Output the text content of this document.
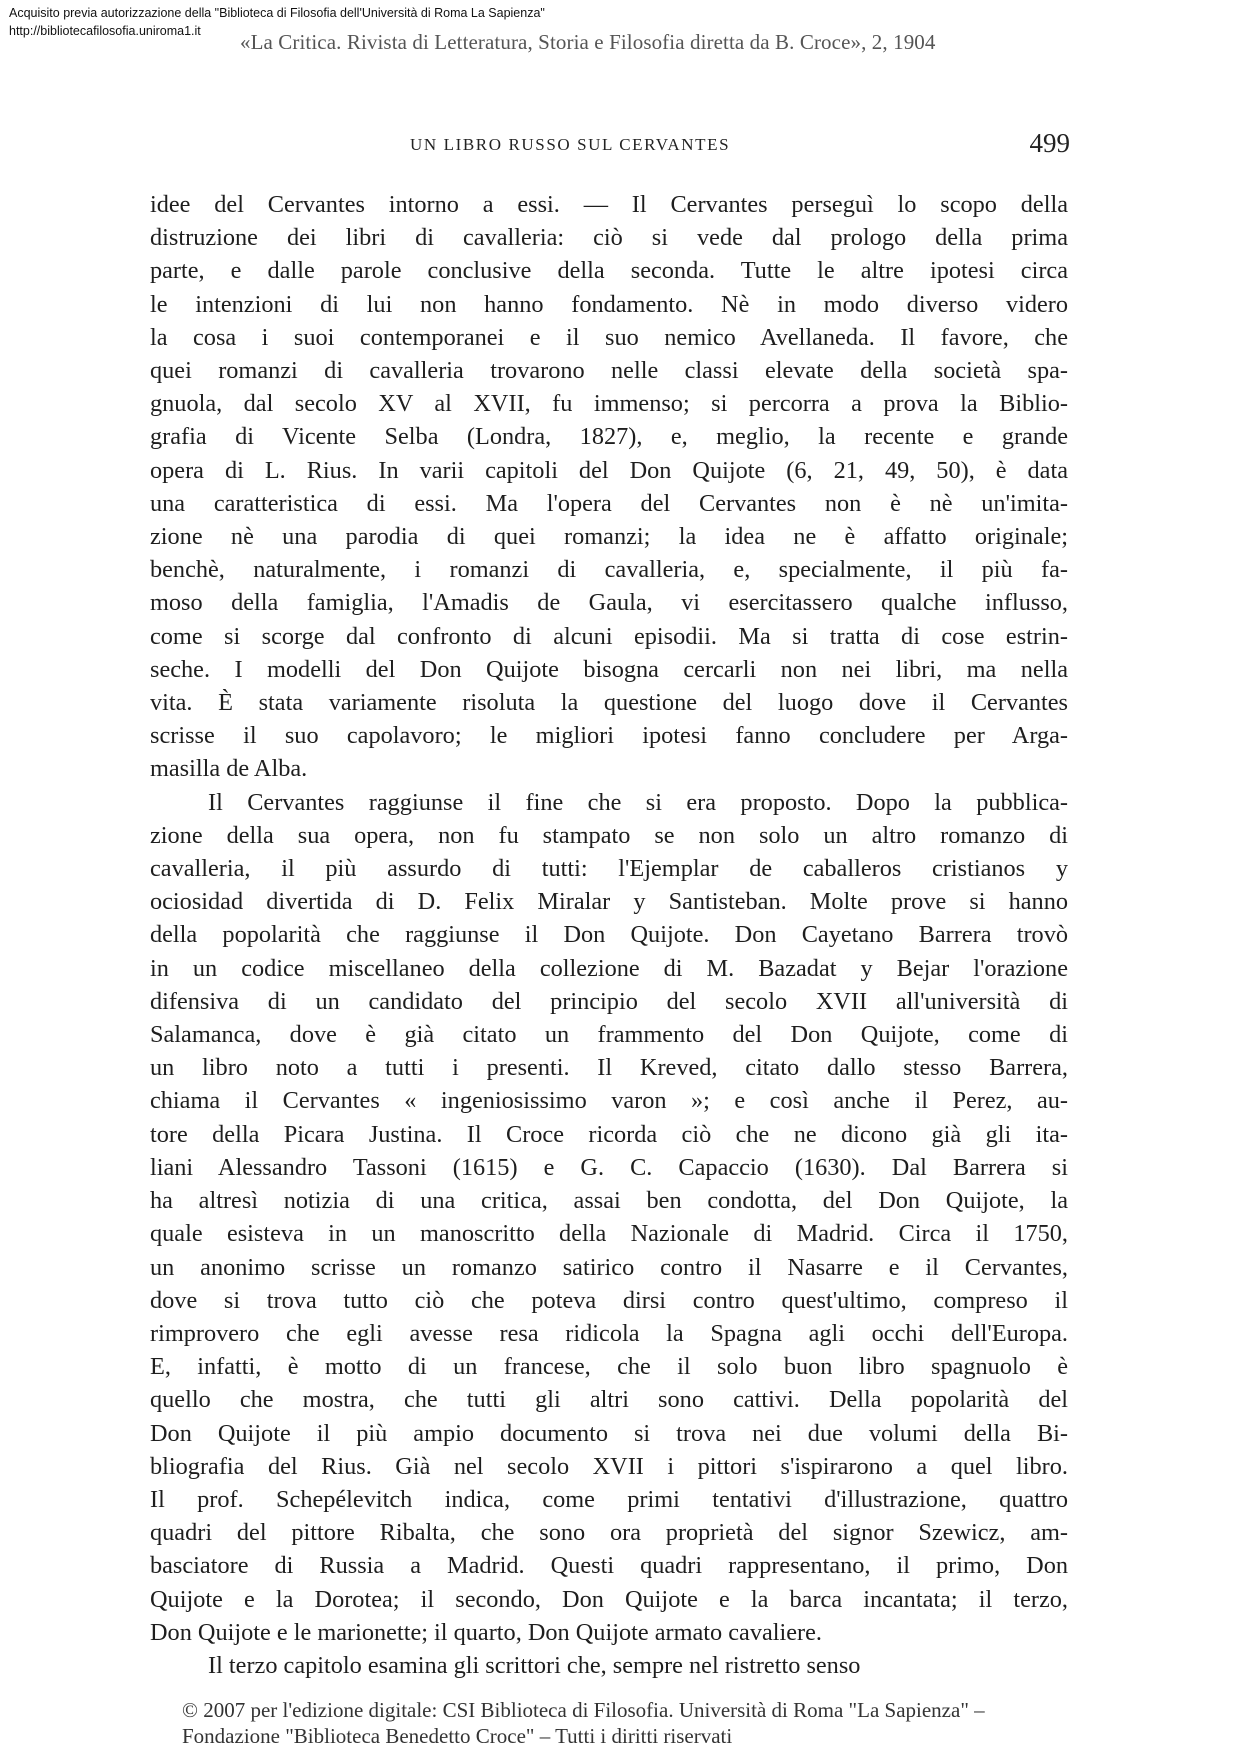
Acquisito previa autorizzazione della "Biblioteca di Filosofia dell'Università di Roma La Sapienza"
http://bibliotecafilosofia.uniroma1.it	«La Critica. Rivista di Letteratura, Storia e Filosofia diretta da B. Croce», 2, 1904
UN LIBRO RUSSO SUL CERVANTES	499
idee del Cervantes intorno a essi. — Il Cervantes perseguì lo scopo della
distruzione dei libri di cavalleria: ciò si vede dal prologo della prima
parte, e dalle parole conclusive della seconda. Tutte le altre ipotesi circa
le intenzioni di lui non hanno fondamento. Nè in modo diverso videro
la cosa i suoi contemporanei e il suo nemico Avellaneda. Il favore, che
quei romanzi di cavalleria trovarono nelle classi elevate della società spa-
gnuola, dal secolo XV al XVII, fu immenso; si percorra a prova la Biblio-
grafia di Vicente Selba (Londra, 1827), e, meglio, la recente e grande
opera di L. Rius. In varii capitoli del Don Quijote (6, 21, 49, 50), è data
una caratteristica di essi. Ma l'opera del Cervantes non è nè un'imita-
zione nè una parodia di quei romanzi; la idea ne è affatto originale;
benchè, naturalmente, i romanzi di cavalleria, e, specialmente, il più fa-
moso della famiglia, l'Amadis de Gaula, vi esercitassero qualche influsso,
come si scorge dal confronto di alcuni episodii. Ma si tratta di cose estrin-
seche. I modelli del Don Quijote bisogna cercarli non nei libri, ma nella
vita. È stata variamente risoluta la questione del luogo dove il Cervantes
scrisse il suo capolavoro; le migliori ipotesi fanno concludere per Arga-
masilla de Alba.
Il Cervantes raggiunse il fine che si era proposto. Dopo la pubblica-
zione della sua opera, non fu stampato se non solo un altro romanzo di
cavalleria, il più assurdo di tutti: l'Ejemplar de caballeros cristianos y
ociosidad divertida di D. Felix Miralar y Santisteban. Molte prove si hanno
della popolarità che raggiunse il Don Quijote. Don Cayetano Barrera trovò
in un codice miscellaneo della collezione di M. Bazadat y Bejar l'orazione
difensiva di un candidato del principio del secolo XVII all'università di
Salamanca, dove è già citato un frammento del Don Quijote, come di
un libro noto a tutti i presenti. Il Kreved, citato dallo stesso Barrera,
chiama il Cervantes « ingeniosissimo varon »; e così anche il Perez, au-
tore della Picara Justina. Il Croce ricorda ciò che ne dicono già gli ita-
liani Alessandro Tassoni (1615) e G. C. Capaccio (1630). Dal Barrera si
ha altresì notizia di una critica, assai ben condotta, del Don Quijote, la
quale esisteva in un manoscritto della Nazionale di Madrid. Circa il 1750,
un anonimo scrisse un romanzo satirico contro il Nasarre e il Cervantes,
dove si trova tutto ciò che poteva dirsi contro quest'ultimo, compreso il
rimprovero che egli avesse resa ridicola la Spagna agli occhi dell'Europa.
E, infatti, è motto di un francese, che il solo buon libro spagnuolo è
quello che mostra, che tutti gli altri sono cattivi. Della popolarità del
Don Quijote il più ampio documento si trova nei due volumi della Bi-
bliografia del Rius. Già nel secolo XVII i pittori s'ispirarono a quel libro.
Il prof. Schepélevitch indica, come primi tentativi d'illustrazione, quattro
quadri del pittore Ribalta, che sono ora proprietà del signor Szewicz, am-
basciatore di Russia a Madrid. Questi quadri rappresentano, il primo, Don
Quijote e la Dorotea; il secondo, Don Quijote e la barca incantata; il terzo,
Don Quijote e le marionette; il quarto, Don Quijote armato cavaliere.
Il terzo capitolo esamina gli scrittori che, sempre nel ristretto senso
© 2007 per l'edizione digitale: CSI Biblioteca di Filosofia. Università di Roma "La Sapienza" –
Fondazione "Biblioteca Benedetto Croce" – Tutti i diritti riservati
